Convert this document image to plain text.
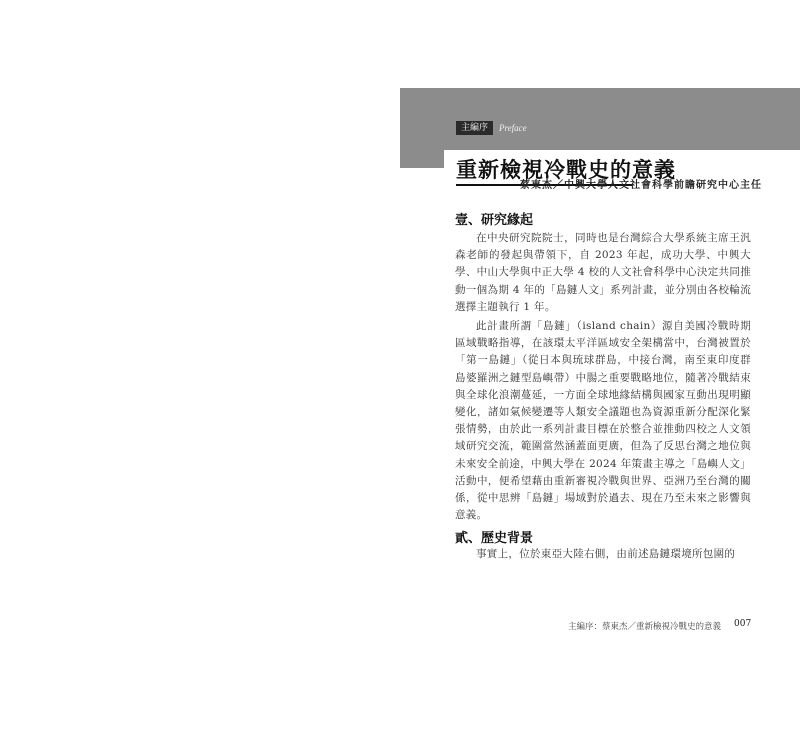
主編序	Preface
重新檢視冷戰史的意義
蔡東杰／中興大學人文社會科學前瞻研究中心主任
壹、研究緣起

在中央研究院院士，同時也是台灣綜合大學系統主席王汎森老師的發起與帶領下，自 2023 年起，成功大學、中興大學、中山大學與中正大學 4 校的人文社會科學中心決定共同推動一個為期 4 年的「島鏈人文」系列計畫，並分別由各校輪流選擇主題執行 1 年。

此計畫所謂「島鏈」（island chain）源自美國冷戰時期區域戰略指導，在該環太平洋區域安全架構當中，台灣被置於「第一島鏈」（從日本與琉球群島，中接台灣，南至東印度群島婆羅洲之鏈型島嶼帶）中腸之重要戰略地位，隨著冷戰結束與全球化浪潮蔓延，一方面全球地緣結構與國家互動出現明顯變化，諸如氣候變遷等人類安全議題也為資源重新分配深化緊張情勢，由於此一系列計畫目標在於整合並推動四校之人文領域研究交流，範圍當然涵蓋面更廣，但為了反思台灣之地位與未來安全前途，中興大學在 2024 年策畫主導之「島嶼人文」活動中，便希望藉由重新審視冷戰與世界、亞洲乃至台灣的關係，從中思辨「島鏈」場域對於過去、現在乃至未來之影響與意義。

貳、歷史背景

事實上，位於東亞大陸右側，由前述島鏈環境所包圍的

主編序：蔡東杰／重新檢視冷戰史的意義 007
